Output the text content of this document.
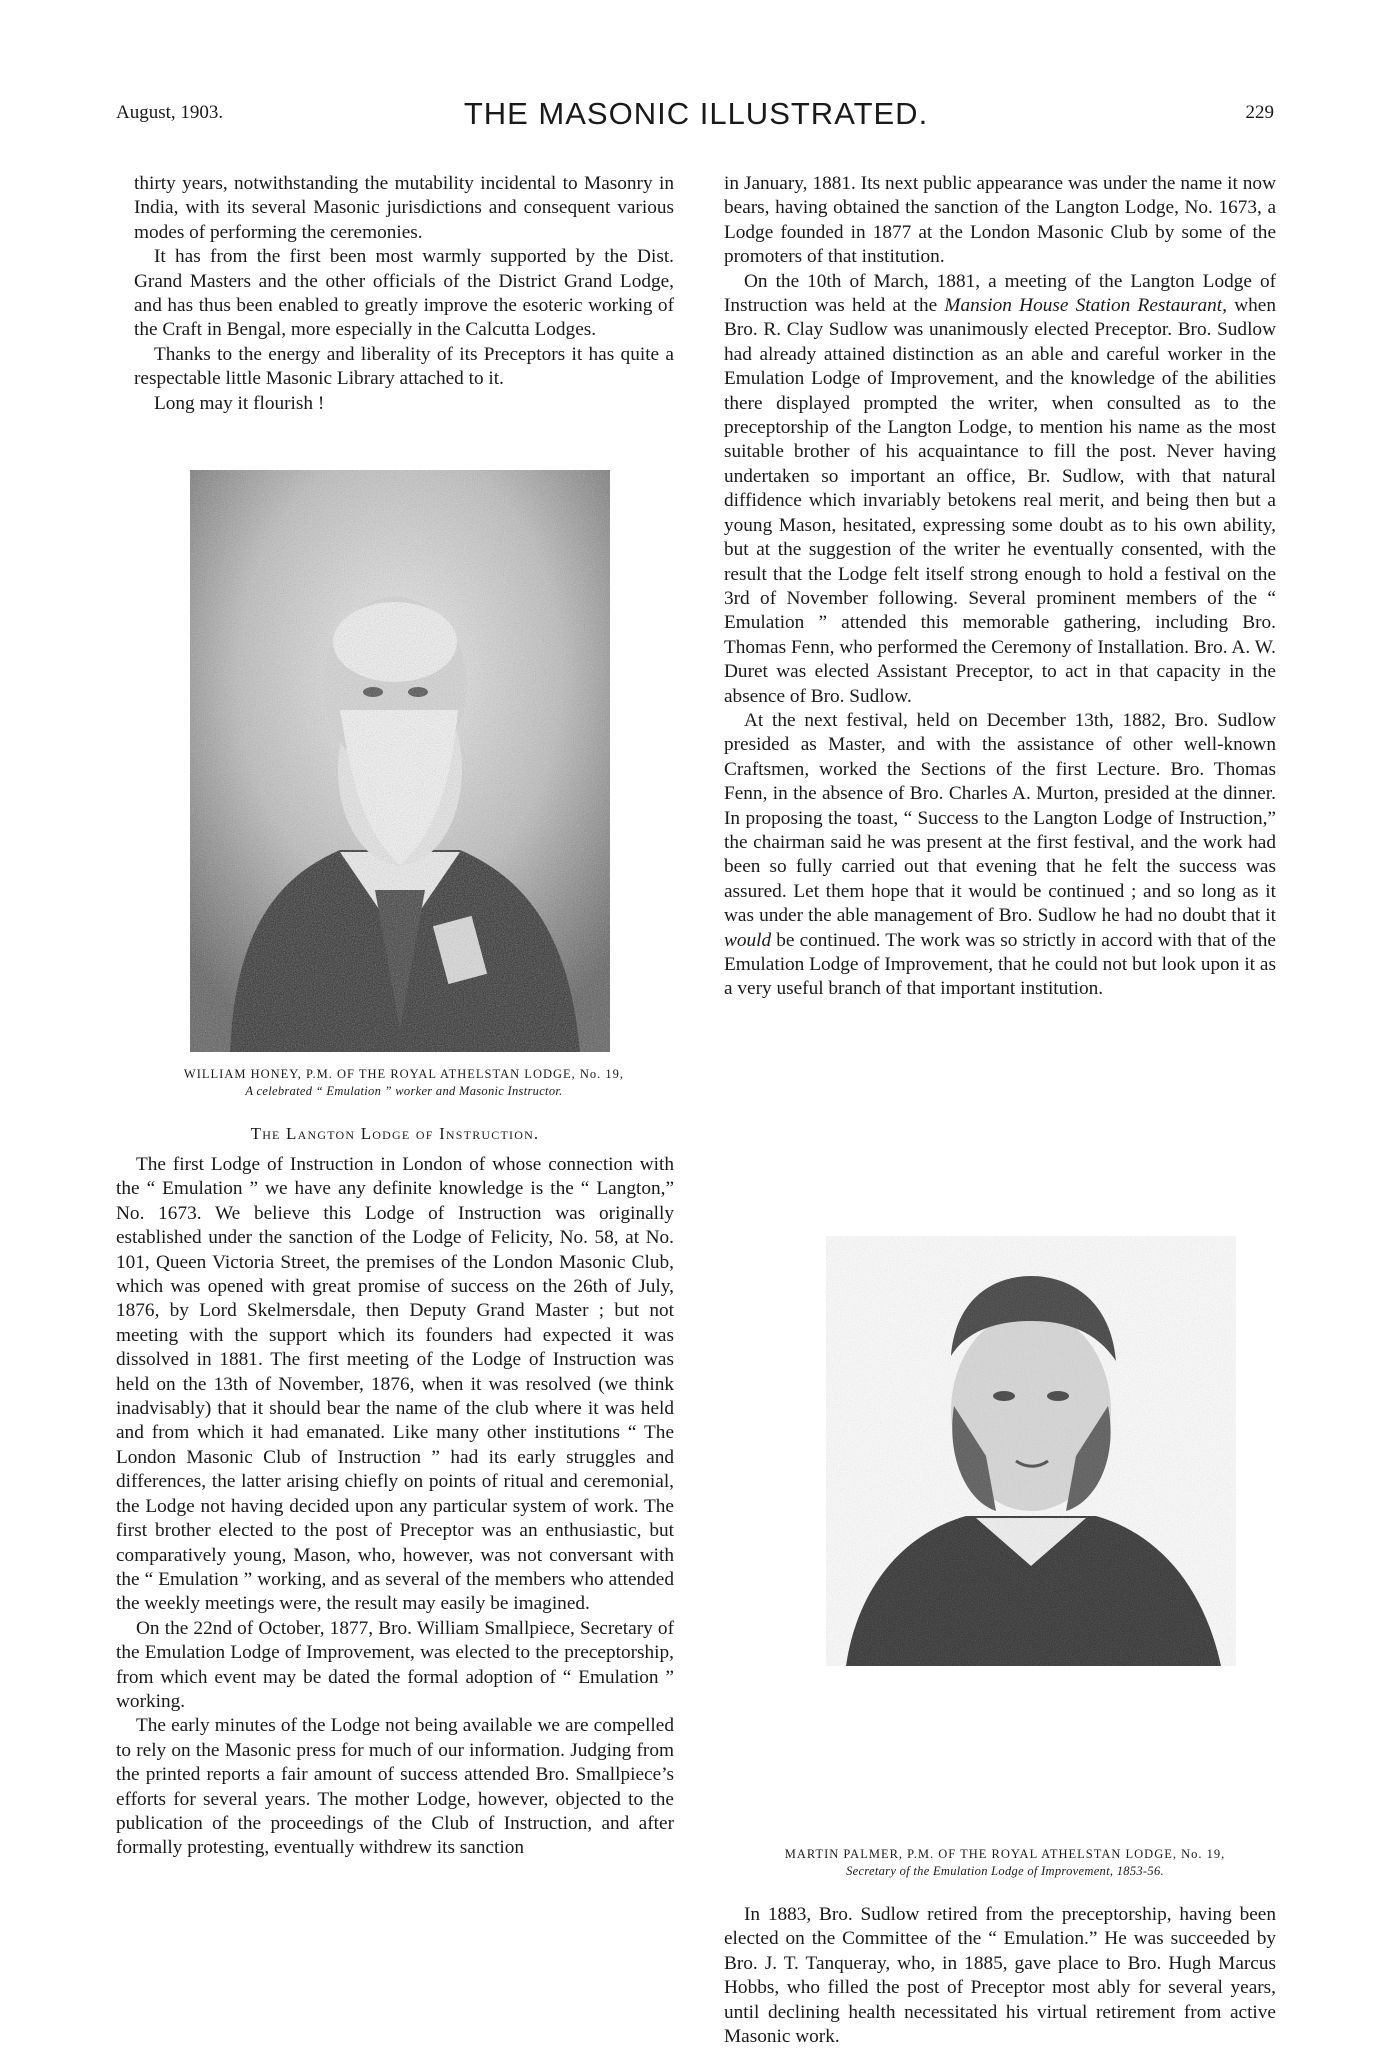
August, 1903.	THE MASONIC ILLUSTRATED.	229

thirty years, notwithstanding the mutability incidental to Masonry in India, with its several Masonic jurisdictions and consequent various modes of performing the ceremonies.

It has from the first been most warmly supported by the Dist. Grand Masters and the other officials of the District Grand Lodge, and has thus been enabled to greatly improve the esoteric working of the Craft in Bengal, more especially in the Calcutta Lodges.

Thanks to the energy and liberality of its Preceptors it has quite a respectable little Masonic Library attached to it.

Long may it flourish !

WILLIAM HONEY, P.M. OF THE ROYAL ATHELSTAN LODGE, No. 19,
A celebrated “ Emulation ” worker and Masonic Instructor.
The Langton Lodge of Instruction.

The first Lodge of Instruction in London of whose connection with the “ Emulation ” we have any definite knowledge is the “ Langton,” No. 1673. We believe this Lodge of Instruction was originally established under the sanction of the Lodge of Felicity, No. 58, at No. 101, Queen Victoria Street, the premises of the London Masonic Club, which was opened with great promise of success on the 26th of July, 1876, by Lord Skelmersdale, then Deputy Grand Master ; but not meeting with the support which its founders had expected it was dissolved in 1881. The first meeting of the Lodge of Instruction was held on the 13th of November, 1876, when it was resolved (we think inadvisably) that it should bear the name of the club where it was held and from which it had emanated. Like many other institutions “ The London Masonic Club of Instruction ” had its early struggles and differences, the latter arising chiefly on points of ritual and ceremonial, the Lodge not having decided upon any particular system of work. The first brother elected to the post of Preceptor was an enthusiastic, but comparatively young, Mason, who, however, was not conversant with the “ Emulation ” working, and as several of the members who attended the weekly meetings were, the result may easily be imagined.

On the 22nd of October, 1877, Bro. William Smallpiece, Secretary of the Emulation Lodge of Improvement, was elected to the preceptorship, from which event may be dated the formal adoption of “ Emulation ” working.

The early minutes of the Lodge not being available we are compelled to rely on the Masonic press for much of our information. Judging from the printed reports a fair amount of success attended Bro. Smallpiece’s efforts for several years. The mother Lodge, however, objected to the publication of the proceedings of the Club of Instruction, and after formally protesting, eventually withdrew its sanction

in January, 1881. Its next public appearance was under the name it now bears, having obtained the sanction of the Langton Lodge, No. 1673, a Lodge founded in 1877 at the London Masonic Club by some of the promoters of that institution.

On the 10th of March, 1881, a meeting of the Langton Lodge of Instruction was held at the Mansion House Station Restaurant, when Bro. R. Clay Sudlow was unanimously elected Preceptor. Bro. Sudlow had already attained distinction as an able and careful worker in the Emulation Lodge of Improvement, and the knowledge of the abilities there displayed prompted the writer, when consulted as to the preceptorship of the Langton Lodge, to mention his name as the most suitable brother of his acquaintance to fill the post. Never having undertaken so important an office, Br. Sudlow, with that natural diffidence which invariably betokens real merit, and being then but a young Mason, hesitated, expressing some doubt as to his own ability, but at the suggestion of the writer he eventually consented, with the result that the Lodge felt itself strong enough to hold a festival on the 3rd of November following. Several prominent members of the “ Emulation ” attended this memorable gathering, including Bro. Thomas Fenn, who performed the Ceremony of Installation. Bro. A. W. Duret was elected Assistant Preceptor, to act in that capacity in the absence of Bro. Sudlow.

At the next festival, held on December 13th, 1882, Bro. Sudlow presided as Master, and with the assistance of other well-known Craftsmen, worked the Sections of the first Lecture. Bro. Thomas Fenn, in the absence of Bro. Charles A. Murton, presided at the dinner. In proposing the toast, “ Success to the Langton Lodge of Instruction,” the chairman said he was present at the first festival, and the work had been so fully carried out that evening that he felt the success was assured. Let them hope that it would be continued ; and so long as it was under the able management of Bro. Sudlow he had no doubt that it would be continued. The work was so strictly in accord with that of the Emulation Lodge of Improvement, that he could not but look upon it as a very useful branch of that important institution.

MARTIN PALMER, P.M. OF THE ROYAL ATHELSTAN LODGE, No. 19,
Secretary of the Emulation Lodge of Improvement, 1853-56.

In 1883, Bro. Sudlow retired from the preceptorship, having been elected on the Committee of the “ Emulation.” He was succeeded by Bro. J. T. Tanqueray, who, in 1885, gave place to Bro. Hugh Marcus Hobbs, who filled the post of Preceptor most ably for several years, until declining health necessitated his virtual retirement from active Masonic work.
